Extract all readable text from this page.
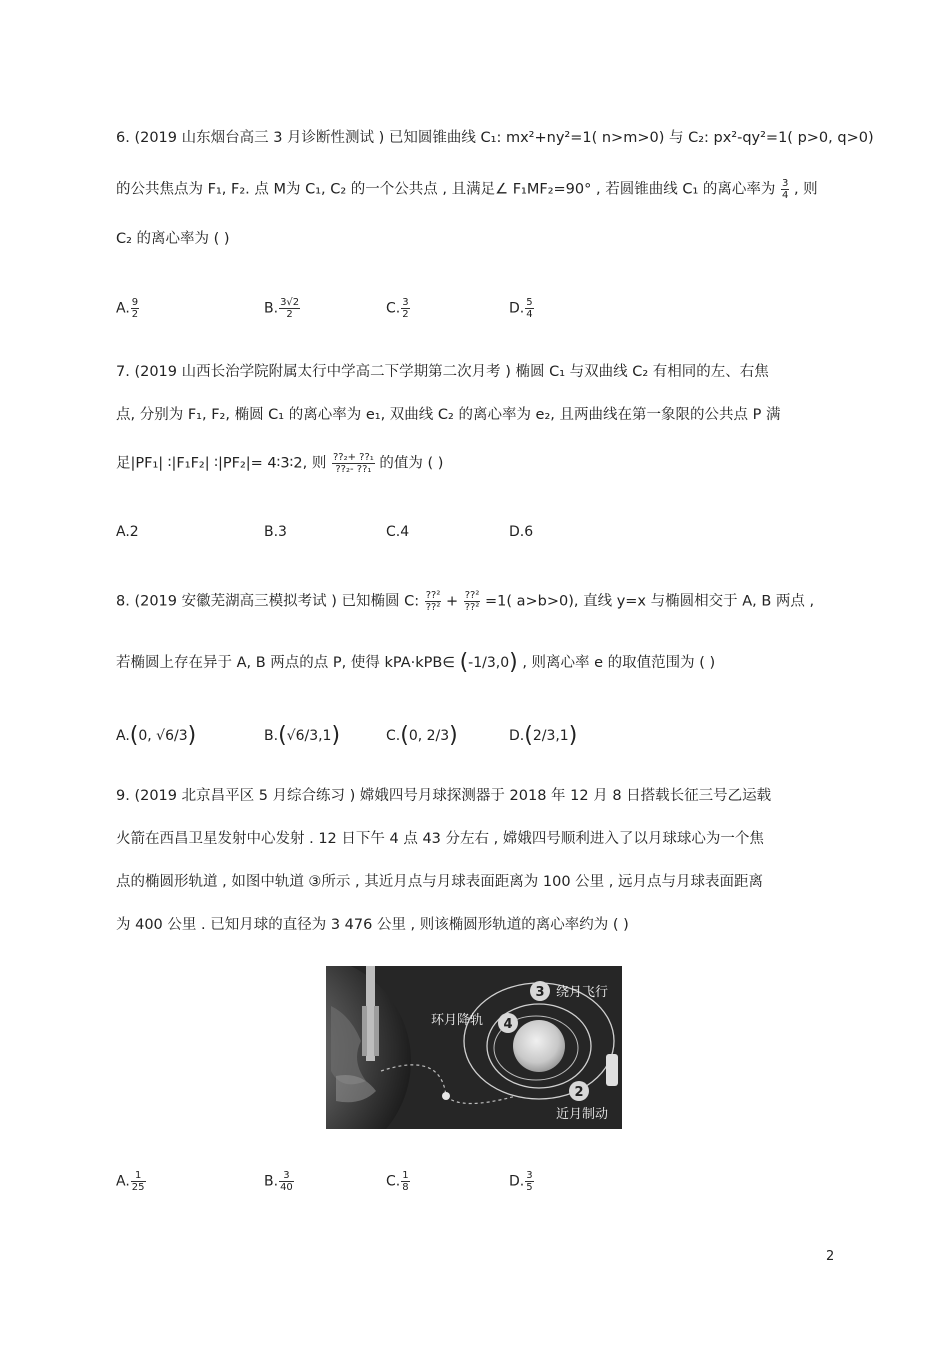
6. (2019 山东烟台高三 3 月诊断性测试 ) 已知圆锥曲线 C₁: mx²+ny²=1( n>m>0) 与 C₂: px²-qy²=1( p>0, q>0)
的公共焦点为 F₁, F₂. 点 M为 C₁, C₂ 的一个公共点 , 且满足∠ F₁MF₂=90° , 若圆锥曲线 C₁ 的离心率为 $\frac{3}{4}$ , 则
C₂ 的离心率为 ( )
A. $\frac{9}{2}$	B. $\frac{3√2}{2}$	C. $\frac{3}{2}$	D. $\frac{5}{4}$
7. (2019 山西长治学院附属太行中学高二下学期第二次月考 ) 椭圆 C₁ 与双曲线 C₂ 有相同的左、右焦
点, 分别为 F₁, F₂, 椭圆 C₁ 的离心率为 e₁, 双曲线 C₂ 的离心率为 e₂, 且两曲线在第一象限的公共点 P 满
足|PF₁| ∶|F₁F₂| ∶|PF₂|= 4∶3∶2, 则 $\frac{\text{??₂+ ??₁}}{\text{??₂- ??₁}}$ 的值为 ( )
A.2	B.3	C.4	D.6
8. (2019 安徽芜湖高三模拟考试 ) 已知椭圆 C: $\frac{\text{??²}}{\text{??²}} + \frac{\text{??²}}{\text{??²}} =1$( a>b>0), 直线 y=x 与椭圆相交于 A, B 两点 ,
若椭圆上存在异于 A, B 两点的点 P, 使得 kPA·kPB∈ (-1/3,0) , 则离心率 e 的取值范围为 ( )
A.(0, √6/3)	B.(√6/3,1)	C.(0, 2/3)	D.(2/3,1)
9. (2019 北京昌平区 5 月综合练习 ) 嫦娥四号月球探测器于 2018 年 12 月 8 日搭载长征三号乙运载
火箭在西昌卫星发射中心发射 . 12 日下午 4 点 43 分左右 , 嫦娥四号顺利进入了以月球球心为一个焦
点的椭圆形轨道 , 如图中轨道 ③所示 , 其近月点与月球表面距离为 100 公里 , 远月点与月球表面距离
为 400 公里 . 已知月球的直径为 3 476 公里 , 则该椭圆形轨道的离心率约为 ( )
3 绕月飞行
4
环月降轨
2
近月制动
A. $\frac{1}{25}$	B. $\frac{3}{40}$	C. $\frac{1}{8}$	D. $\frac{3}{5}$
2
